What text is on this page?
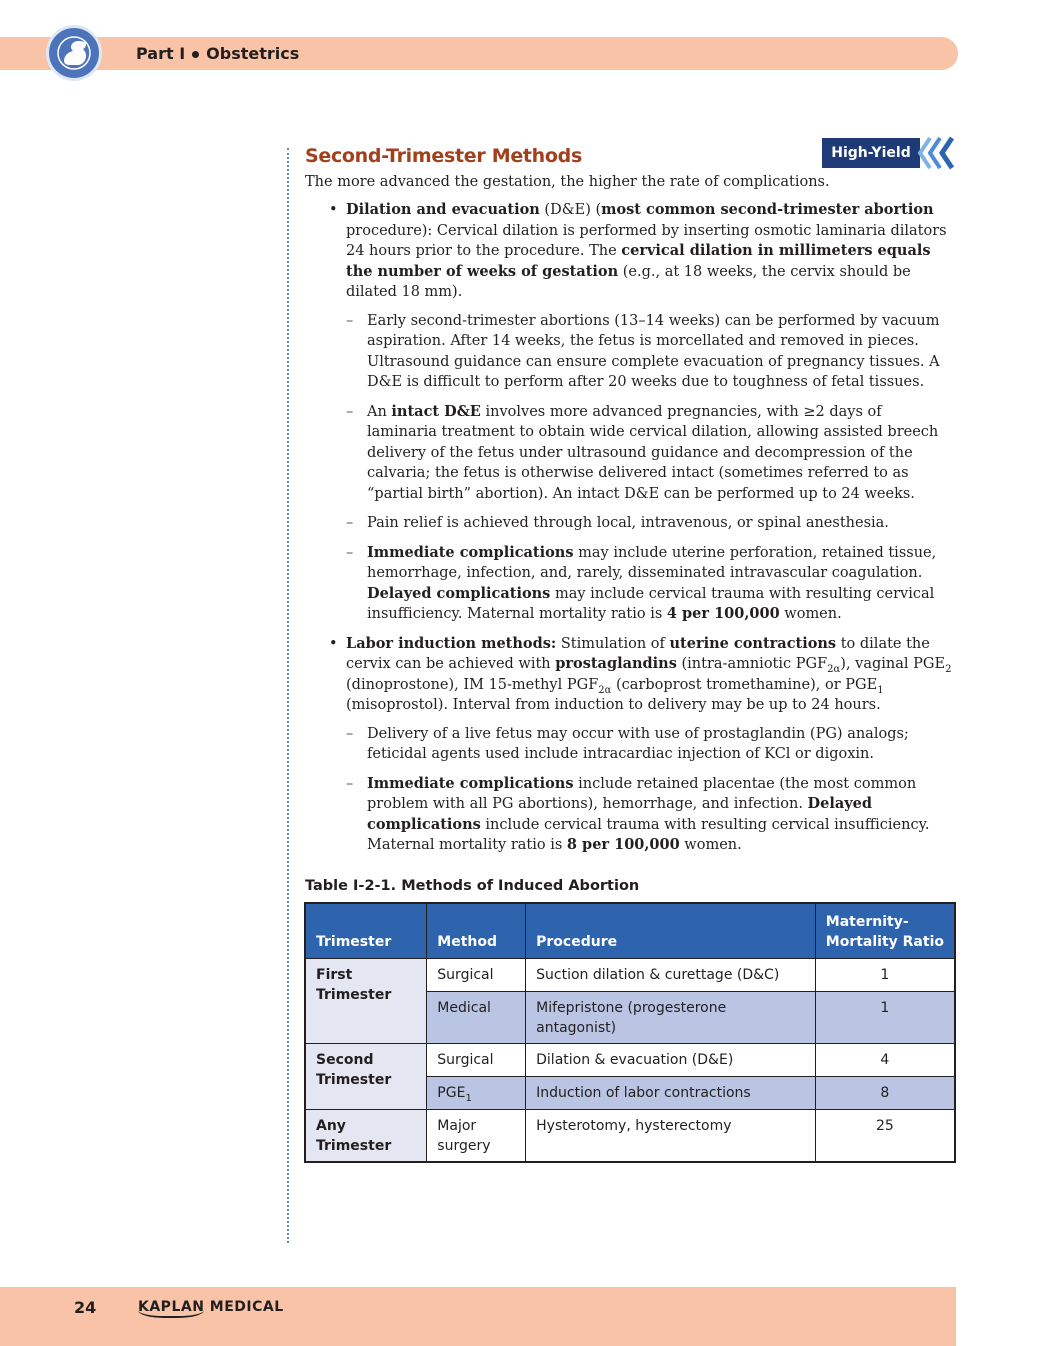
Part I Obstetrics
High-Yield
Second-Trimester Methods

The more advanced the gestation, the higher the rate of complications.

• Dilation and evacuation (D&E) (most common second-trimester abortion procedure): Cervical dilation is performed by inserting osmotic laminaria dilators 24 hours prior to the procedure. The cervical dilation in millimeters equals the number of weeks of gestation (e.g., at 18 weeks, the cervix should be dilated 18 mm).
– Early second-trimester abortions (13–14 weeks) can be performed by vacuum aspiration. After 14 weeks, the fetus is morcellated and removed in pieces. Ultrasound guidance can ensure complete evacuation of pregnancy tissues. A D&E is difficult to perform after 20 weeks due to toughness of fetal tissues.
– An intact D&E involves more advanced pregnancies, with ≥2 days of laminaria treatment to obtain wide cervical dilation, allowing assisted breech delivery of the fetus under ultrasound guidance and decompression of the calvaria; the fetus is otherwise delivered intact (sometimes referred to as “partial birth” abortion). An intact D&E can be performed up to 24 weeks.
– Pain relief is achieved through local, intravenous, or spinal anesthesia.
– Immediate complications may include uterine perforation, retained tissue, hemorrhage, infection, and, rarely, disseminated intravascular coagulation. Delayed complications may include cervical trauma with resulting cervical insufficiency. Maternal mortality ratio is 4 per 100,000 women.
• Labor induction methods: Stimulation of uterine contractions to dilate the cervix can be achieved with prostaglandins (intra-amniotic $PGF_{2\alpha}$), vaginal $PGE_2$ (dinoprostone), IM 15-methyl $PGF_{2\alpha}$ (carboprost tromethamine), or $PGE_1$ (misoprostol). Interval from induction to delivery may be up to 24 hours.
– Delivery of a live fetus may occur with use of prostaglandin (PG) analogs; feticidal agents used include intracardiac injection of KCl or digoxin.
– Immediate complications include retained placentae (the most common problem with all PG abortions), hemorrhage, and infection. Delayed complications include cervical trauma with resulting cervical insufficiency. Maternal mortality ratio is 8 per 100,000 women.
Table I-2-1. Methods of Induced Abortion
Trimester	Method	Procedure	Maternity-Mortality Ratio
First Trimester	Surgical	Suction dilation & curettage (D&C)	1
	Medical	Mifepristone (progesterone antagonist)	1
Second Trimester	Surgical	Dilation & evacuation (D&E)	4
	$PGE_1$	Induction of labor contractions	8
Any Trimester	Major surgery	Hysterotomy, hysterectomy	25
24	KAPLAN MEDICAL
